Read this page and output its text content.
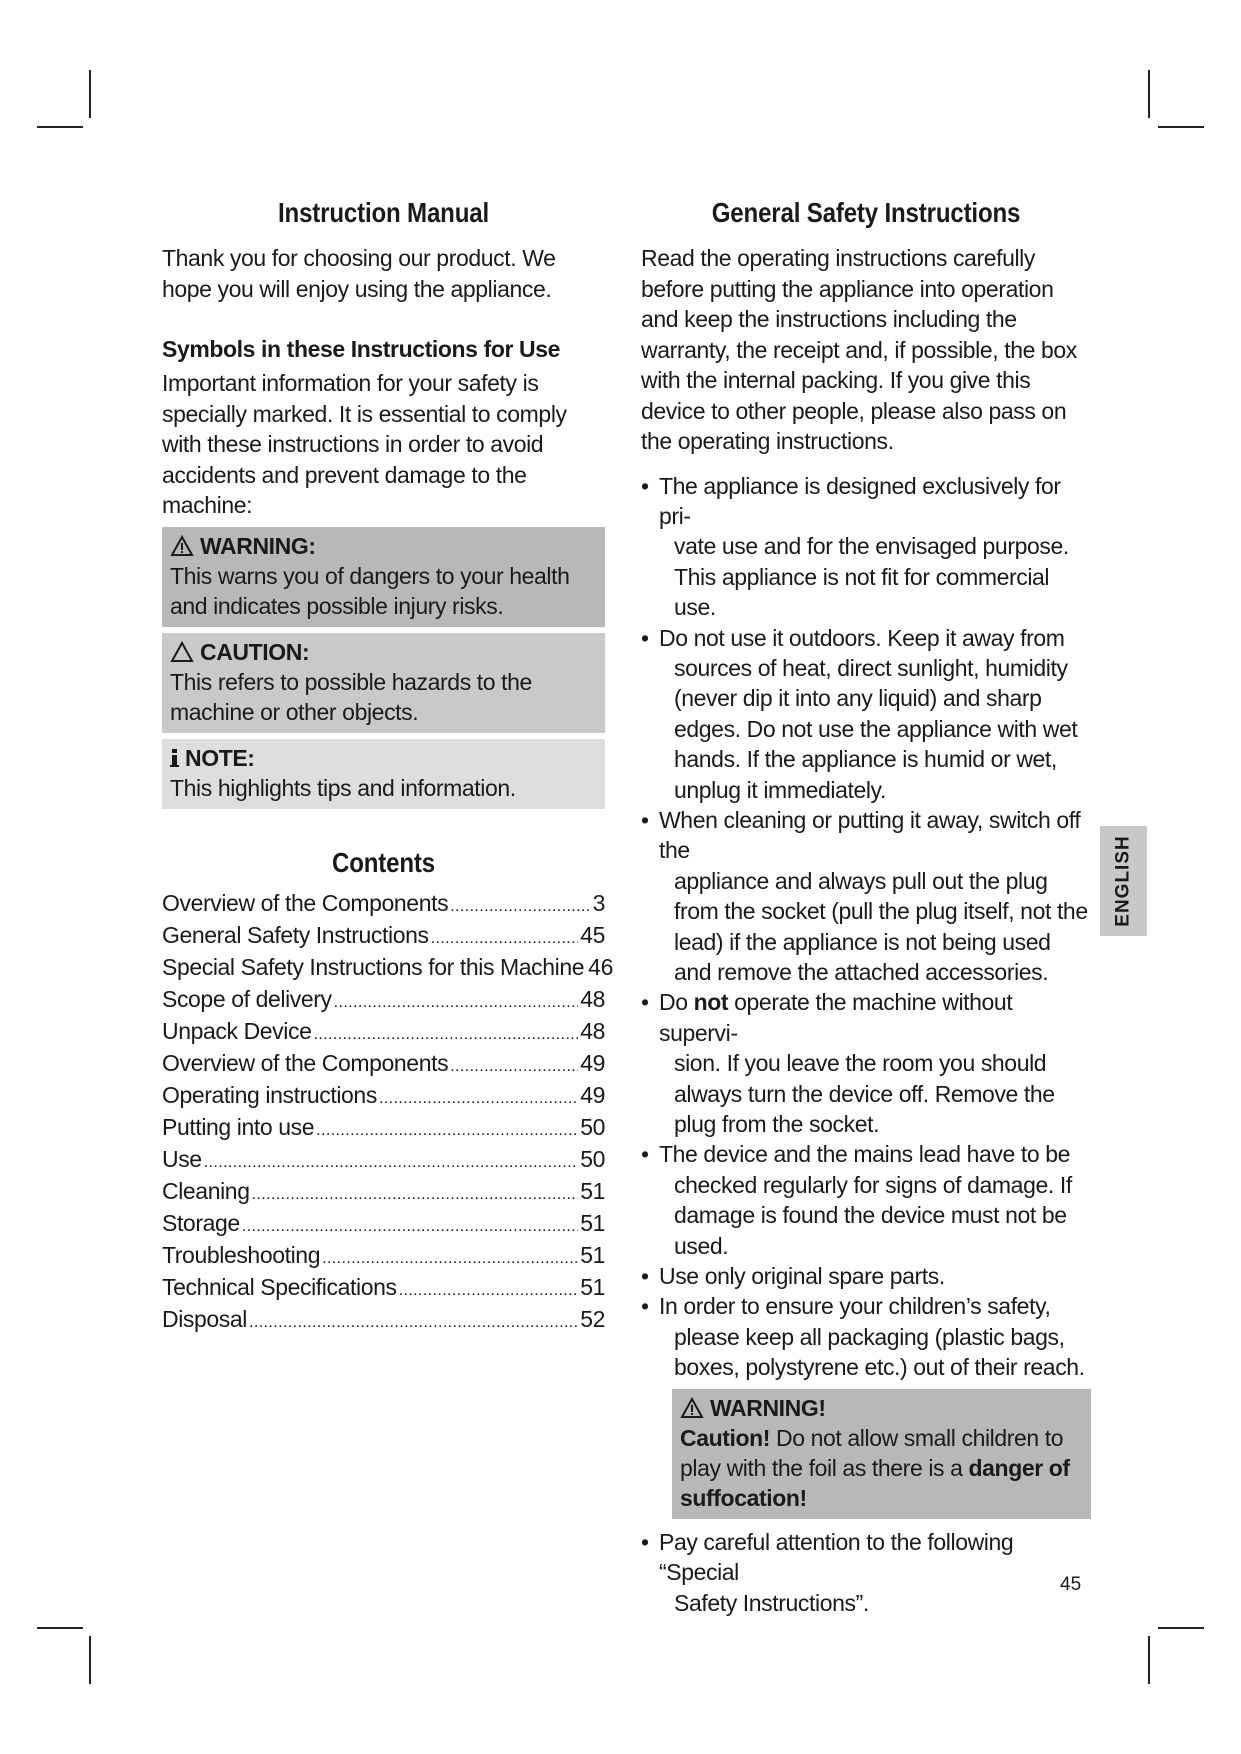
Instruction Manual

Thank you for choosing our product. We hope you will enjoy using the appliance.

Symbols in these Instructions for Use

Important information for your safety is specially marked. It is essential to comply with these instructions in order to avoid accidents and prevent damage to the machine:

WARNING:
This warns you of dangers to your health and indicates possible injury risks.
CAUTION:
This refers to possible hazards to the machine or other objects.
NOTE:
This highlights tips and information.
Contents
Overview of the Components .....	3
General Safety Instructions .....	45
Special Safety Instructions for this Machine 46
Scope of delivery .....	48
Unpack Device .....	48
Overview of the Components .....	49
Operating instructions .....	49
Putting into use .....	50
Use .....	50
Cleaning .....	51
Storage .....	51
Troubleshooting .....	51
Technical Specifications .....	51
Disposal .....	52
General Safety Instructions

Read the operating instructions carefully before putting the appliance into operation and keep the instructions including the warranty, the receipt and, if possible, the box with the internal packing. If you give this device to other people, please also pass on the operating instructions.

• The appliance is designed exclusively for pri-
vate use and for the envisaged purpose. This appliance is not fit for commercial use.
• Do not use it outdoors. Keep it away from
sources of heat, direct sunlight, humidity (never dip it into any liquid) and sharp edges. Do not use the appliance with wet hands. If the appliance is humid or wet, unplug it immediately.
• When cleaning or putting it away, switch off the
appliance and always pull out the plug from the socket (pull the plug itself, not the lead) if the appliance is not being used and remove the attached accessories.
• Do not operate the machine without supervi-
sion. If you leave the room you should always turn the device off. Remove the plug from the socket.
• The device and the mains lead have to be
checked regularly for signs of damage. If damage is found the device must not be used.
• Use only original spare parts.
• In order to ensure your children’s safety,
please keep all packaging (plastic bags, boxes, polystyrene etc.) out of their reach.
WARNING!
Caution! Do not allow small children to play with the foil as there is a danger of suffocation!
• Pay careful attention to the following “Special
Safety Instructions”.
ENGLISH
45
